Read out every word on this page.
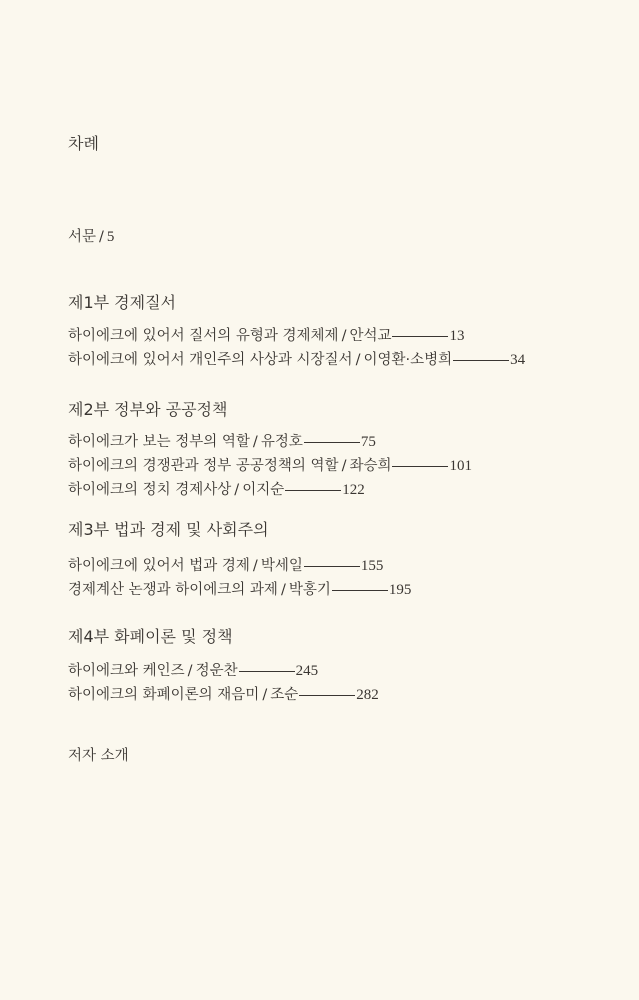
차례
서문 / 5
제1부 경제질서
하이에크에 있어서 질서의 유형과 경제체제 / 안석교	13
하이에크에 있어서 개인주의 사상과 시장질서 / 이영환·소병희	34
제2부 정부와 공공정책
하이에크가 보는 정부의 역할 / 유정호	75
하이에크의 경쟁관과 정부 공공정책의 역할 / 좌승희	101
하이에크의 정치 경제사상 / 이지순	122
제3부 법과 경제 및 사회주의
하이에크에 있어서 법과 경제 / 박세일	155
경제계산 논쟁과 하이에크의 과제 / 박홍기	195
제4부 화폐이론 및 정책
하이에크와 케인즈 / 정운찬	245
하이에크의 화폐이론의 재음미 / 조순	282
저자 소개
